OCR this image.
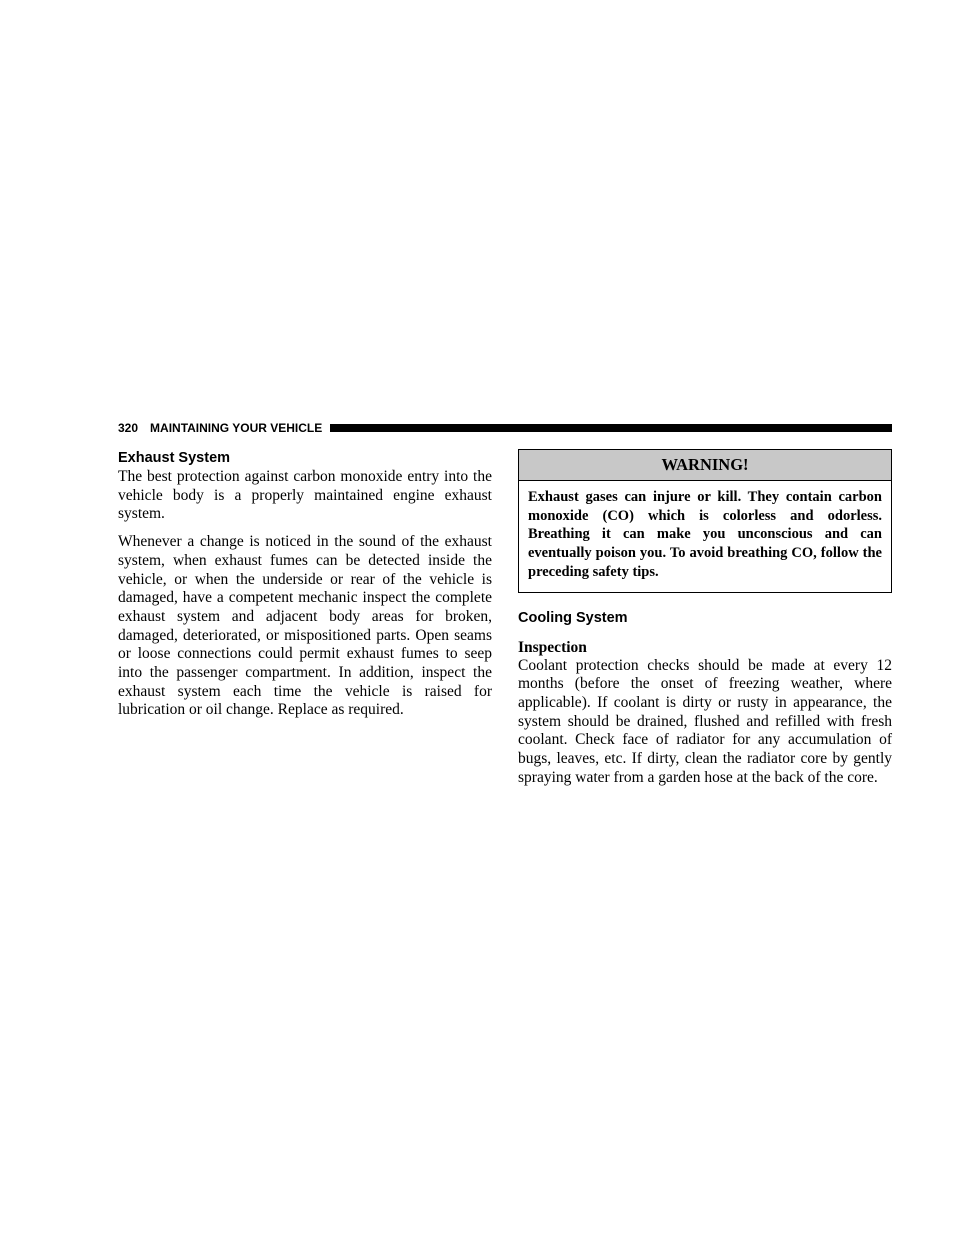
320 MAINTAINING YOUR VEHICLE
Exhaust System

The best protection against carbon monoxide entry into the vehicle body is a properly maintained engine exhaust system.

Whenever a change is noticed in the sound of the exhaust system, when exhaust fumes can be detected inside the vehicle, or when the underside or rear of the vehicle is damaged, have a competent mechanic inspect the complete exhaust system and adjacent body areas for broken, damaged, deteriorated, or mispositioned parts. Open seams or loose connections could permit exhaust fumes to seep into the passenger compartment. In addition, inspect the exhaust system each time the vehicle is raised for lubrication or oil change. Replace as required.

WARNING!
Exhaust gases can injure or kill. They contain carbon monoxide (CO) which is colorless and odorless. Breathing it can make you unconscious and can eventually poison you. To avoid breathing CO, follow the preceding safety tips.
Cooling System
Inspection

Coolant protection checks should be made at every 12 months (before the onset of freezing weather, where applicable). If coolant is dirty or rusty in appearance, the system should be drained, flushed and refilled with fresh coolant. Check face of radiator for any accumulation of bugs, leaves, etc. If dirty, clean the radiator core by gently spraying water from a garden hose at the back of the core.
